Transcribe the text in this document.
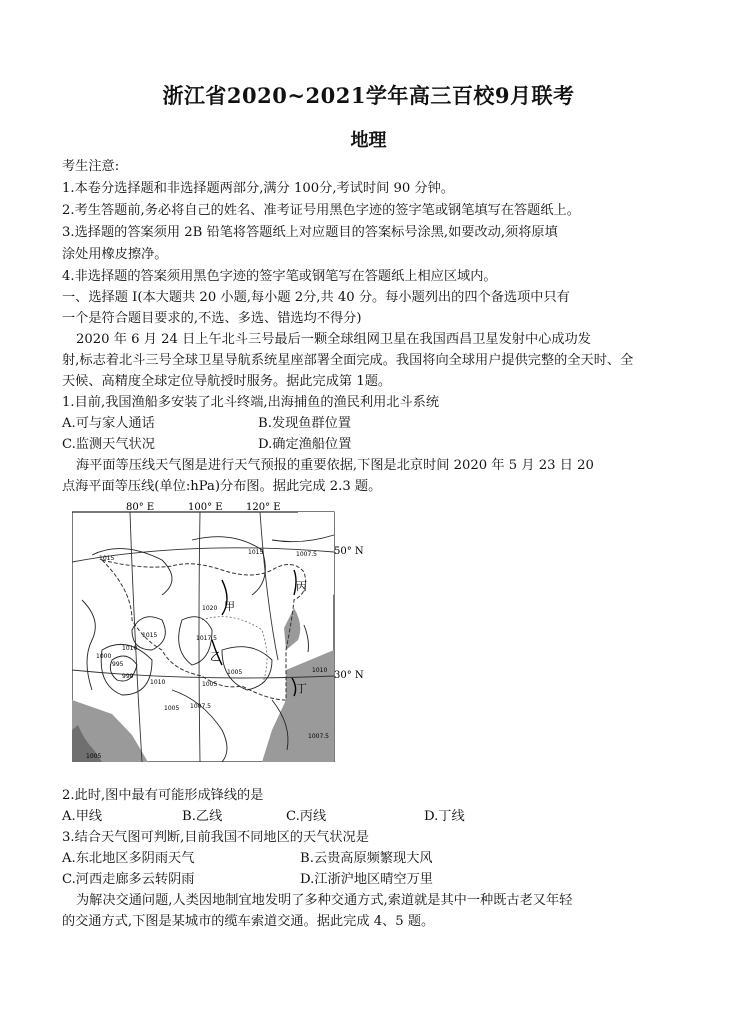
浙江省2020~2021学年高三百校9月联考
地理
考生注意:
1.本卷分选择题和非选择题两部分,满分 100分,考试时间 90 分钟。
2.考生答题前,务必将自己的姓名、准考证号用黑色字迹的签字笔或钢笔填写在答题纸上。
3.选择题的答案须用 2B 铅笔将答题纸上对应题目的答案标号涂黑,如要改动,须将原填
涂处用橡皮擦净。
4.非选择题的答案须用黑色字迹的签字笔或钢笔写在答题纸上相应区域内。
一、选择题 I(本大题共 20 小题,每小题 2分,共 40 分。每小题列出的四个备选项中只有
一个是符合题目要求的,不选、多选、错选均不得分)
2020 年 6 月 24 日上午北斗三号最后一颗全球组网卫星在我国西昌卫星发射中心成功发
射,标志着北斗三号全球卫星导航系统星座部署全面完成。我国将向全球用户提供完整的全天时、全
天候、高精度全球定位导航授时服务。据此完成第 1题。
1.目前,我国渔船多安装了北斗终端,出海捕鱼的渔民利用北斗系统
A.可与家人通话	B.发现鱼群位置
C.监测天气状况	D.确定渔船位置
海平面等压线天气图是进行天气预报的重要依据,下图是北京时间 2020 年 5 月 23 日 20
点海平面等压线(单位:hPa)分布图。据此完成 2.3 题。
80° E	100° E 120° E
50° N
30° N
1015
1015	1007.5
1020
1015	1017.5
1010
1000
995
990
1010
1005
1005
1007.5
1005
1010
1007.5
1005
甲
乙
丙
丁
2.此时,图中最有可能形成锋线的是
A.甲线	B.乙线	C.丙线	D.丁线
3.结合天气图可判断,目前我国不同地区的天气状况是
A.东北地区多阴雨天气	B.云贵高原频繁现大风
C.河西走廊多云转阴雨	D.江浙沪地区晴空万里
为解决交通问题,人类因地制宜地发明了多种交通方式,索道就是其中一种既古老又年轻
的交通方式,下图是某城市的缆车索道交通。据此完成 4、5 题。
